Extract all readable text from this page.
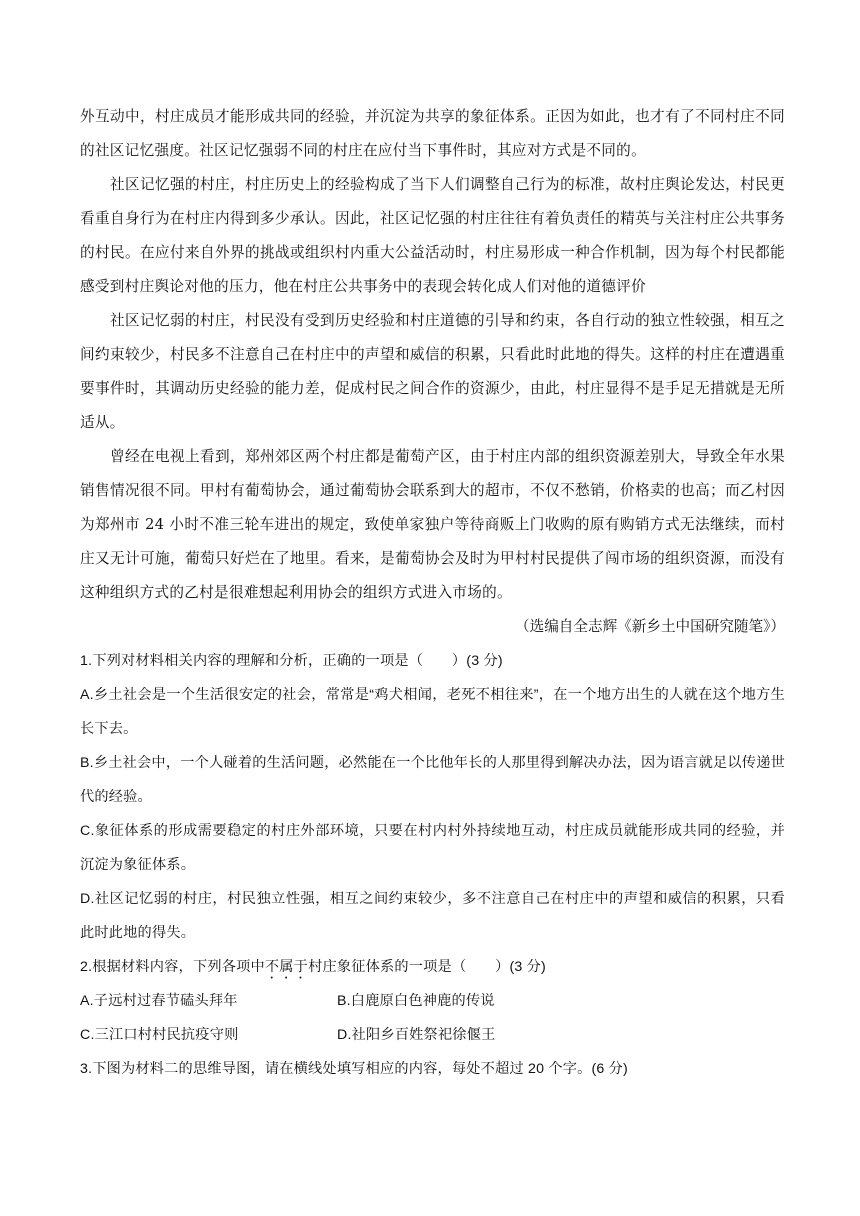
外互动中，村庄成员才能形成共同的经验，并沉淀为共享的象征体系。正因为如此，也才有了不同村庄不同的社区记忆强度。社区记忆强弱不同的村庄在应付当下事件时，其应对方式是不同的。

社区记忆强的村庄，村庄历史上的经验构成了当下人们调整自己行为的标准，故村庄舆论发达，村民更看重自身行为在村庄内得到多少承认。因此，社区记忆强的村庄往往有着负责任的精英与关注村庄公共事务的村民。在应付来自外界的挑战或组织村内重大公益活动时，村庄易形成一种合作机制，因为每个村民都能感受到村庄舆论对他的压力，他在村庄公共事务中的表现会转化成人们对他的道德评价

社区记忆弱的村庄，村民没有受到历史经验和村庄道德的引导和约束，各自行动的独立性较强，相互之间约束较少，村民多不注意自己在村庄中的声望和威信的积累，只看此时此地的得失。这样的村庄在遭遇重要事件时，其调动历史经验的能力差，促成村民之间合作的资源少，由此，村庄显得不是手足无措就是无所适从。

曾经在电视上看到，郑州郊区两个村庄都是葡萄产区，由于村庄内部的组织资源差别大，导致全年水果销售情况很不同。甲村有葡萄协会，通过葡萄协会联系到大的超市，不仅不愁销，价格卖的也高；而乙村因为郑州市 24 小时不准三轮车进出的规定，致使单家独户等待商贩上门收购的原有购销方式无法继续，而村庄又无计可施，葡萄只好烂在了地里。看来，是葡萄协会及时为甲村村民提供了闯市场的组织资源，而没有这种组织方式的乙村是很难想起利用协会的组织方式进入市场的。

（选编自全志辉《新乡土中国研究随笔》）

1.下列对材料相关内容的理解和分析，正确的一项是（　　）(3 分)

A.乡土社会是一个生活很安定的社会，常常是“鸡犬相闻，老死不相往来”，在一个地方出生的人就在这个地方生长下去。

B.乡土社会中，一个人碰着的生活问题，必然能在一个比他年长的人那里得到解决办法，因为语言就足以传递世代的经验。

C.象征体系的形成需要稳定的村庄外部环境，只要在村内村外持续地互动，村庄成员就能形成共同的经验，并沉淀为象征体系。

D.社区记忆弱的村庄，村民独立性强，相互之间约束较少，多不注意自己在村庄中的声望和威信的积累，只看此时此地的得失。

2.根据材料内容，下列各项中不属于村庄象征体系的一项是（　　）(3 分)

A.子远村过春节磕头拜年	B.白鹿原白色神鹿的传说

C.三江口村村民抗疫守则	D.社阳乡百姓祭祀徐偃王

3.下图为材料二的思维导图，请在横线处填写相应的内容，每处不超过 20 个字。(6 分)
